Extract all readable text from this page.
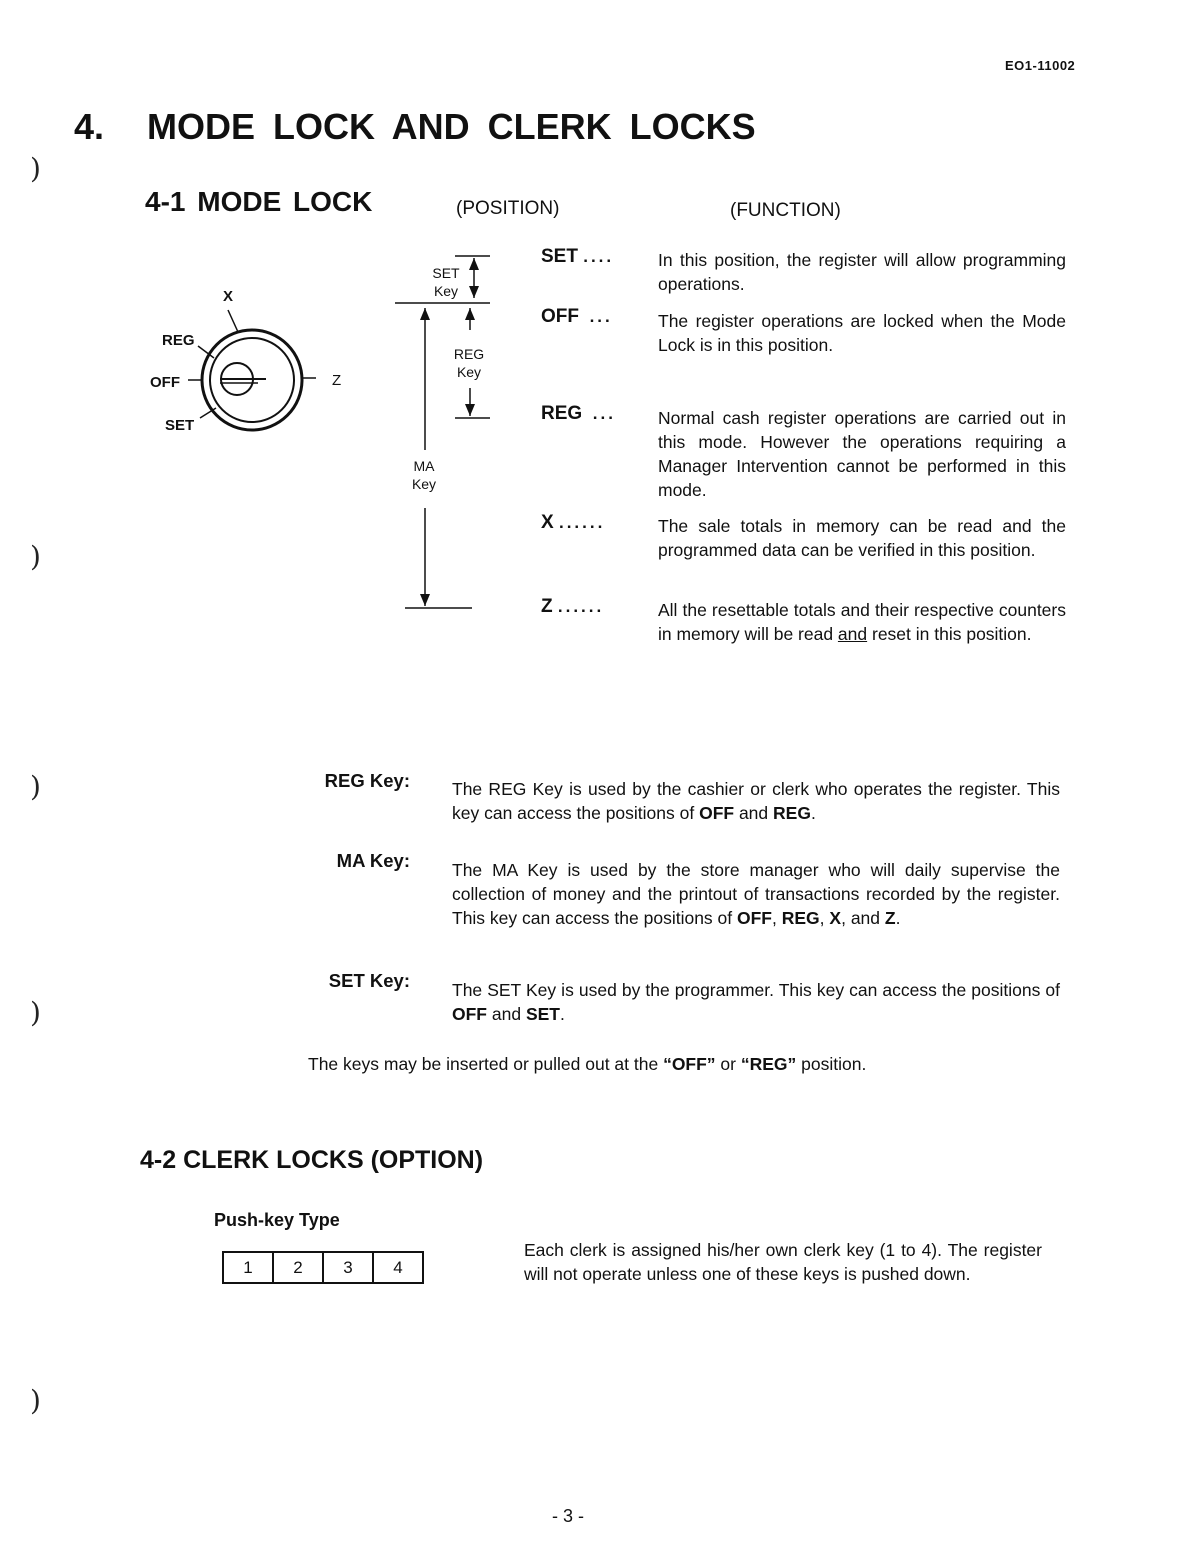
EO1-11002
)
)
)
)
)
4. MODE LOCK AND CLERK LOCKS
4-1 MODE LOCK	(POSITION)	(FUNCTION)
X
REG
OFF
SET
Z
SET
Key
REG
Key
MA
Key
SET ....	In this position, the register will allow programming operations.
OFF ...	The register operations are locked when the Mode Lock is in this position.
REG ... Normal cash register operations are carried out in this mode. However the operations requiring a Manager Intervention cannot be performed in this mode.
X ......	The sale totals in memory can be read and the programmed data can be verified in this position.
Z ......	All the resettable totals and their respective counters in memory will be read and reset in this position.
REG Key: The REG Key is used by the cashier or clerk who operates the register. This key can access the positions of OFF and REG.
MA Key: The MA Key is used by the store manager who will daily supervise the collection of money and the printout of transactions recorded by the register. This key can access the positions of OFF, REG, X, and Z.
SET Key: The SET Key is used by the programmer. This key can access the positions of OFF and SET.
The keys may be inserted or pulled out at the “OFF” or “REG” position.
4-2 CLERK LOCKS (OPTION)
Push-key Type
1	2	3	4
Each clerk is assigned his/her own clerk key (1 to 4). The register will not operate unless one of these keys is pushed down.
- 3 -
